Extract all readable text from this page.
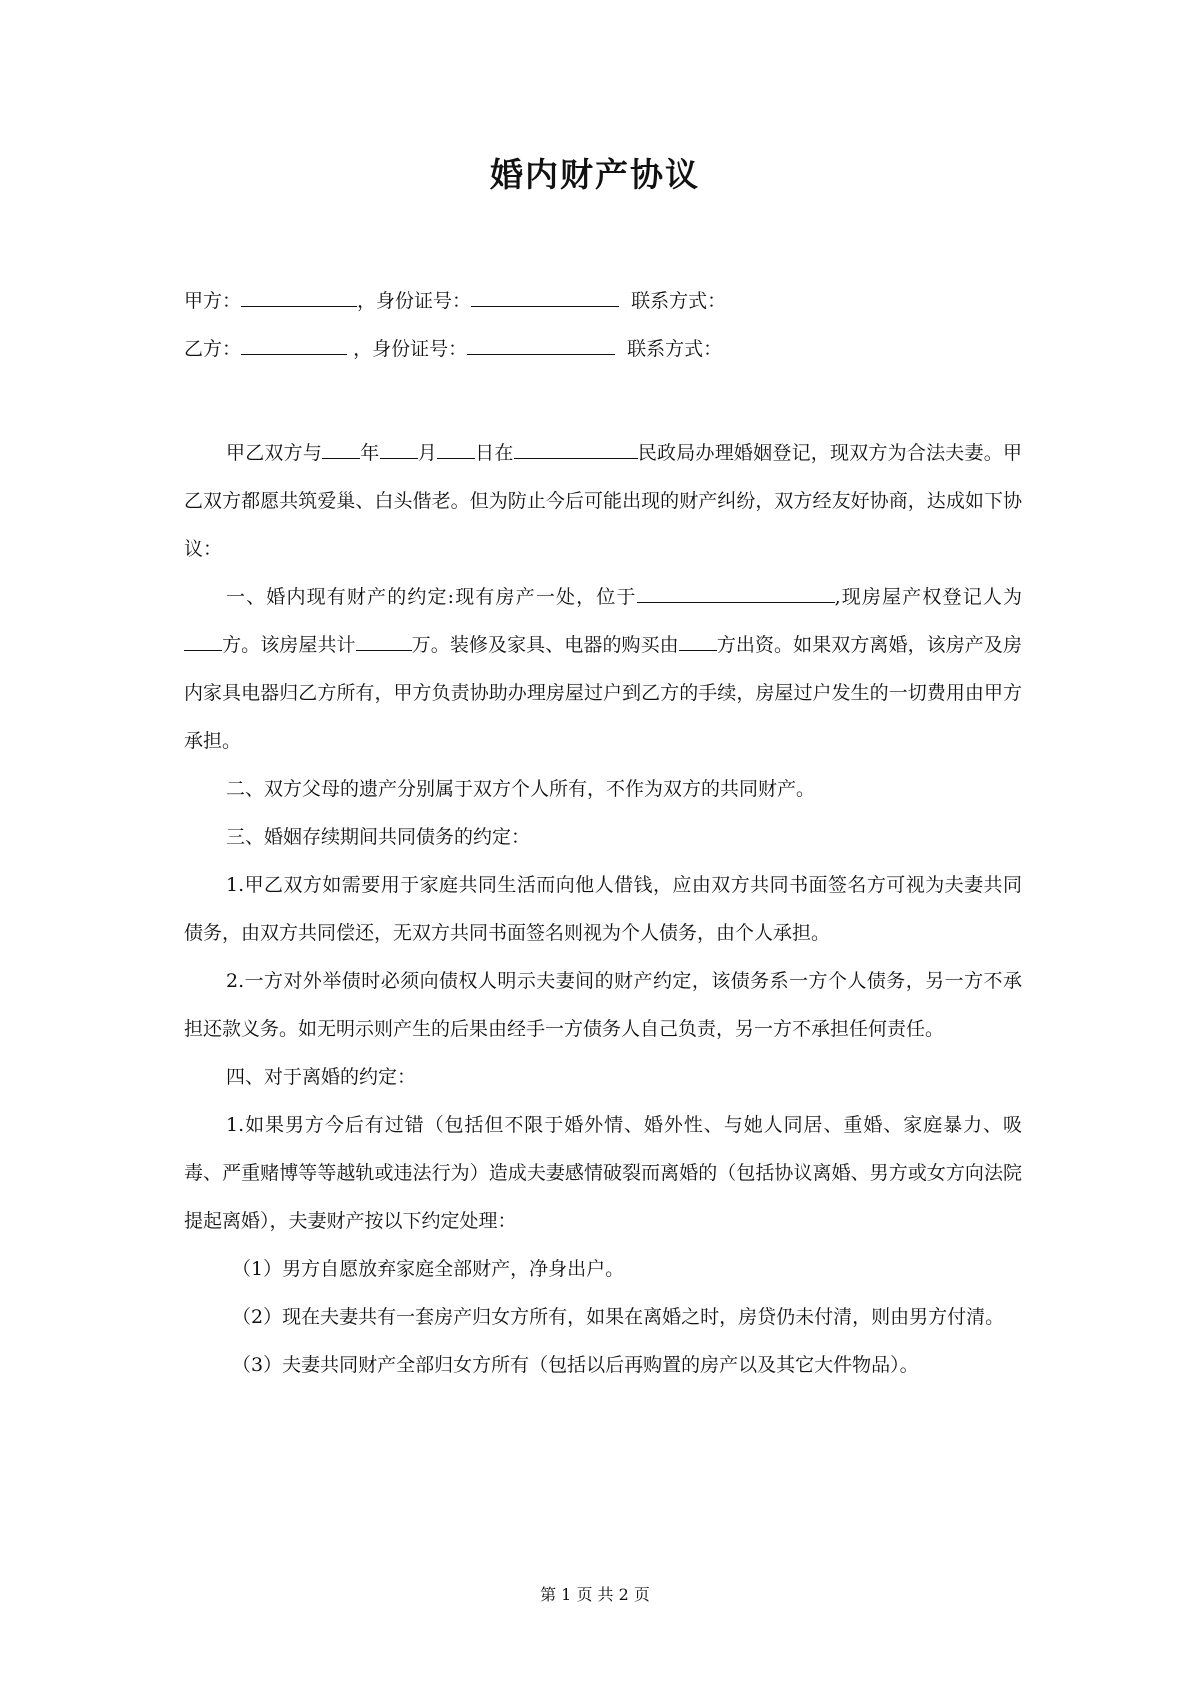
婚内财产协议
甲方：	，身份证号：	联系方式：
乙方：	，身份证号：	联系方式：

甲乙双方与 年 月 日在	民政局办理婚姻登记，现双方为合法夫妻。甲乙双方都愿共筑爱巢、白头偕老。但为防止今后可能出现的财产纠纷，双方经友好协商，达成如下协议：

一、婚内现有财产的约定:现有房产一处，位于	,现房屋产权登记人为方。该房屋共计	万。装修及家具、电器的购买由 方出资。如果双方离婚，该房产及房内家具电器归乙方所有，甲方负责协助办理房屋过户到乙方的手续，房屋过户发生的一切费用由甲方承担。

二、双方父母的遗产分别属于双方个人所有，不作为双方的共同财产。

三、婚姻存续期间共同债务的约定：

1.甲乙双方如需要用于家庭共同生活而向他人借钱，应由双方共同书面签名方可视为夫妻共同债务，由双方共同偿还，无双方共同书面签名则视为个人债务，由个人承担。

2.一方对外举债时必须向债权人明示夫妻间的财产约定，该债务系一方个人债务，另一方不承担还款义务。如无明示则产生的后果由经手一方债务人自己负责，另一方不承担任何责任。

四、对于离婚的约定：

1.如果男方今后有过错（包括但不限于婚外情、婚外性、与她人同居、重婚、家庭暴力、吸毒、严重赌博等等越轨或违法行为）造成夫妻感情破裂而离婚的（包括协议离婚、男方或女方向法院提起离婚），夫妻财产按以下约定处理：

（1）男方自愿放弃家庭全部财产，净身出户。

（2）现在夫妻共有一套房产归女方所有，如果在离婚之时，房贷仍未付清，则由男方付清。

（3）夫妻共同财产全部归女方所有（包括以后再购置的房产以及其它大件物品）。

第 1 页 共 2 页
